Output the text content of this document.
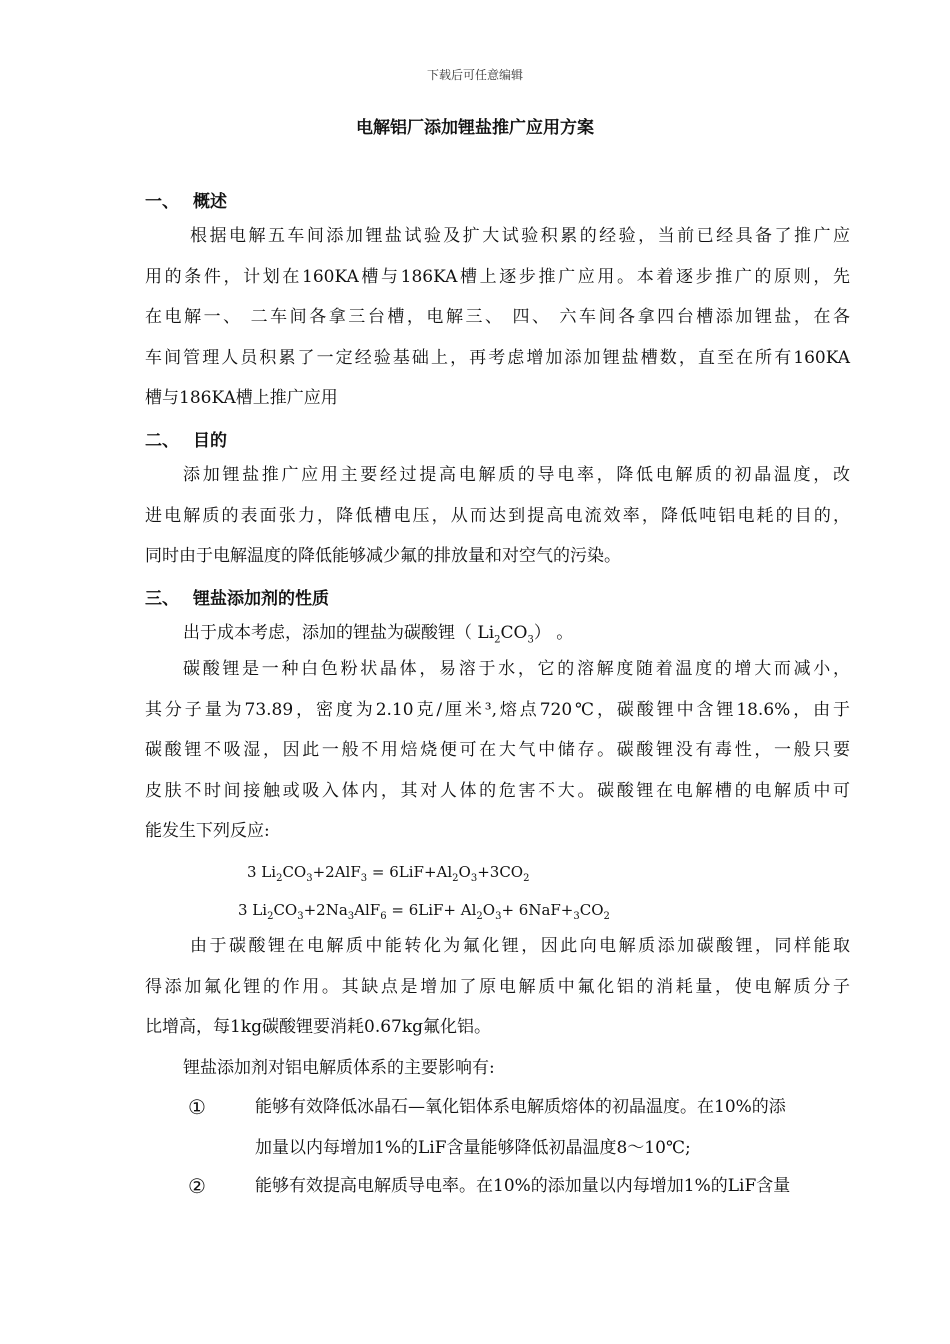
下载后可任意编辑
电解铝厂添加锂盐推广应用方案
一、 概述
根据电解五车间添加锂盐试验及扩大试验积累的经验，当前已经具备了推广应
用的条件，计划在160KA槽与186KA槽上逐步推广应用。本着逐步推广的原则，先
在电解一、 二车间各拿三台槽，电解三、 四、 六车间各拿四台槽添加锂盐，在各
车间管理人员积累了一定经验基础上，再考虑增加添加锂盐槽数，直至在所有160KA
槽与186KA槽上推广应用
二、 目的
添加锂盐推广应用主要经过提高电解质的导电率，降低电解质的初晶温度，改
进电解质的表面张力，降低槽电压，从而达到提高电流效率，降低吨铝电耗的目的，
同时由于电解温度的降低能够减少氟的排放量和对空气的污染。
三、 锂盐添加剂的性质
出于成本考虑，添加的锂盐为碳酸锂（ $Li_2CO_3$） 。
碳酸锂是一种白色粉状晶体，易溶于水，它的溶解度随着温度的增大而减小，
其分子量为73.89，密度为2.10克/厘米³,熔点720℃，碳酸锂中含锂18.6%，由于
碳酸锂不吸湿，因此一般不用焙烧便可在大气中储存。碳酸锂没有毒性，一般只要
皮肤不时间接触或吸入体内，其对人体的危害不大。碳酸锂在电解槽的电解质中可
能发生下列反应:
3 $Li_2CO_3+2AlF_3 = 6LiF+Al_2O_3+3CO_2$
3 $Li_2CO_3+2Na_3AlF_6 = 6LiF+ Al_2O_3+ 6NaF+_3CO_2$
由于碳酸锂在电解质中能转化为氟化锂，因此向电解质添加碳酸锂，同样能取
得添加氟化锂的作用。其缺点是增加了原电解质中氟化铝的消耗量，使电解质分子
比增高，每1kg碳酸锂要消耗0.67kg氟化铝。
锂盐添加剂对铝电解质体系的主要影响有:
①	能够有效降低冰晶石—氧化铝体系电解质熔体的初晶温度。在10%的添
加量以内每增加1%的LiF含量能够降低初晶温度8～10℃;
②	能够有效提高电解质导电率。在10%的添加量以内每增加1%的LiF含量
